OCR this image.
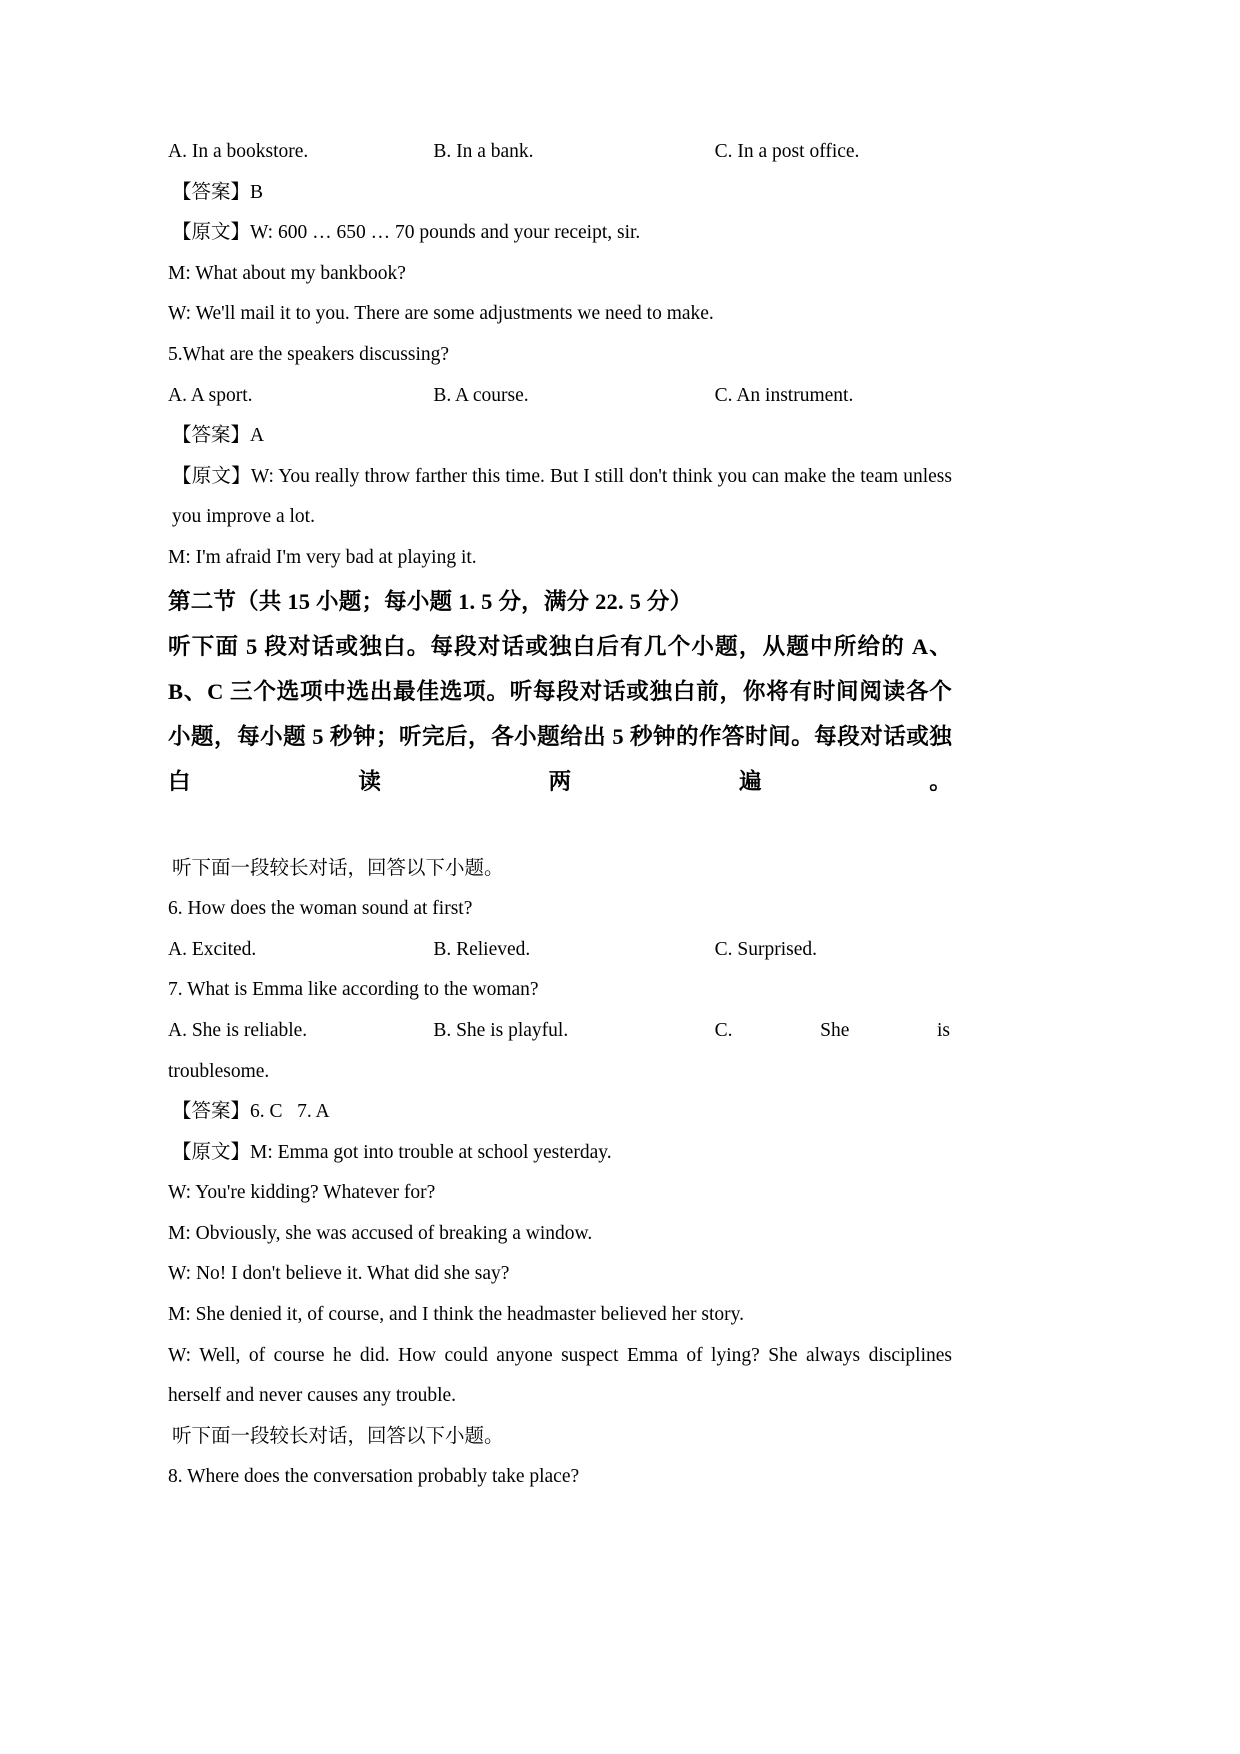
A. In a bookstore.	B. In a bank.	C. In a post office.

【答案】B

【原文】W: 600 … 650 … 70 pounds and your receipt, sir.

M: What about my bankbook?

W: We'll mail it to you. There are some adjustments we need to make.

5.What are the speakers discussing?

A. A sport.	B. A course.	C. An instrument.

【答案】A

【原文】W: You really throw farther this time. But I still don't think you can make the team unless you improve a lot.

M: I'm afraid I'm very bad at playing it.

第二节（共 15 小题；每小题 1. 5 分，满分 22. 5 分）

听下面 5 段对话或独白。每段对话或独白后有几个小题，从题中所给的 A、B、C 三个选项中选出最佳选项。听每段对话或独白前，你将有时间阅读各个小题，每小题 5 秒钟；听完后，各小题给出 5 秒钟的作答时间。每段对话或独白读两遍。

听下面一段较长对话，回答以下小题。

6. How does the woman sound at first?

A. Excited.	B. Relieved.	C. Surprised.

7. What is Emma like according to the woman?

A. She is reliable.	B. She is playful.	C.	She	is

troublesome.

【答案】6. C   7. A

【原文】M: Emma got into trouble at school yesterday.

W: You're kidding? Whatever for?

M: Obviously, she was accused of breaking a window.

W: No! I don't believe it. What did she say?

M: She denied it, of course, and I think the headmaster believed her story.

W: Well, of course he did. How could anyone suspect Emma of lying? She always disciplines herself and never causes any trouble.

听下面一段较长对话，回答以下小题。

8. Where does the conversation probably take place?
